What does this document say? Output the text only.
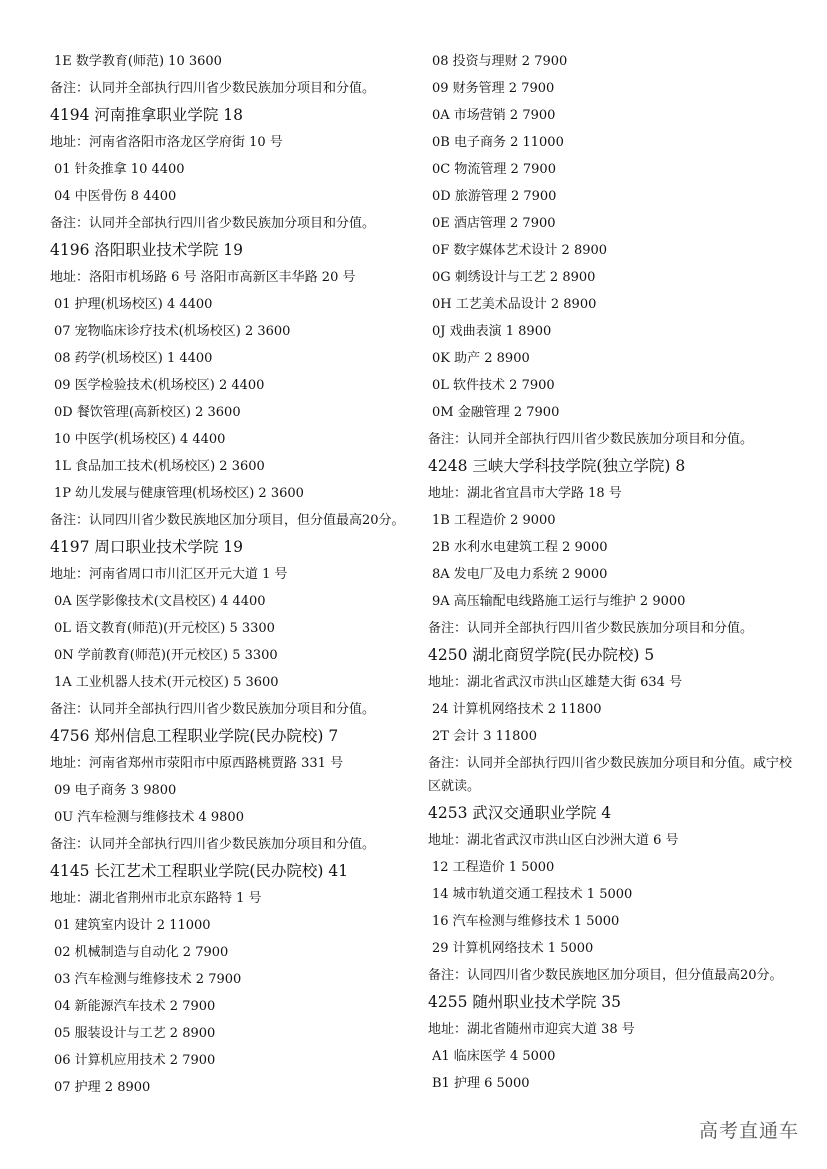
1E 数学教育(师范) 10 3600
备注：认同并全部执行四川省少数民族加分项目和分值。
4194 河南推拿职业学院 18
地址：河南省洛阳市洛龙区学府街 10 号
01 针灸推拿 10 4400
04 中医骨伤 8 4400
备注：认同并全部执行四川省少数民族加分项目和分值。
4196 洛阳职业技术学院 19
地址：洛阳市机场路 6 号 洛阳市高新区丰华路 20 号
01 护理(机场校区) 4 4400
07 宠物临床诊疗技术(机场校区) 2 3600
08 药学(机场校区) 1 4400
09 医学检验技术(机场校区) 2 4400
0D 餐饮管理(高新校区) 2 3600
10 中医学(机场校区) 4 4400
1L 食品加工技术(机场校区) 2 3600
1P 幼儿发展与健康管理(机场校区) 2 3600
备注：认同四川省少数民族地区加分项目，但分值最高20分。
4197 周口职业技术学院 19
地址：河南省周口市川汇区开元大道 1 号
0A 医学影像技术(文昌校区) 4 4400
0L 语文教育(师范)(开元校区) 5 3300
0N 学前教育(师范)(开元校区) 5 3300
1A 工业机器人技术(开元校区) 5 3600
备注：认同并全部执行四川省少数民族加分项目和分值。
4756 郑州信息工程职业学院(民办院校) 7
地址：河南省郑州市荥阳市中原西路桃贾路 331 号
09 电子商务 3 9800
0U 汽车检测与维修技术 4 9800
备注：认同并全部执行四川省少数民族加分项目和分值。
4145 长江艺术工程职业学院(民办院校) 41
地址：湖北省荆州市北京东路特 1 号
01 建筑室内设计 2 11000
02 机械制造与自动化 2 7900
03 汽车检测与维修技术 2 7900
04 新能源汽车技术 2 7900
05 服装设计与工艺 2 8900
06 计算机应用技术 2 7900
07 护理 2 8900
08 投资与理财 2 7900
09 财务管理 2 7900
0A 市场营销 2 7900
0B 电子商务 2 11000
0C 物流管理 2 7900
0D 旅游管理 2 7900
0E 酒店管理 2 7900
0F 数字媒体艺术设计 2 8900
0G 刺绣设计与工艺 2 8900
0H 工艺美术品设计 2 8900
0J 戏曲表演 1 8900
0K 助产 2 8900
0L 软件技术 2 7900
0M 金融管理 2 7900
备注：认同并全部执行四川省少数民族加分项目和分值。
4248 三峡大学科技学院(独立学院) 8
地址：湖北省宜昌市大学路 18 号
1B 工程造价 2 9000
2B 水利水电建筑工程 2 9000
8A 发电厂及电力系统 2 9000
9A 高压输配电线路施工运行与维护 2 9000
备注：认同并全部执行四川省少数民族加分项目和分值。
4250 湖北商贸学院(民办院校) 5
地址：湖北省武汉市洪山区雄楚大街 634 号
24 计算机网络技术 2 11800
2T 会计 3 11800
备注：认同并全部执行四川省少数民族加分项目和分值。咸宁校区就读。
4253 武汉交通职业学院 4
地址：湖北省武汉市洪山区白沙洲大道 6 号
12 工程造价 1 5000
14 城市轨道交通工程技术 1 5000
16 汽车检测与维修技术 1 5000
29 计算机网络技术 1 5000
备注：认同四川省少数民族地区加分项目，但分值最高20分。
4255 随州职业技术学院 35
地址：湖北省随州市迎宾大道 38 号
A1 临床医学 4 5000
B1 护理 6 5000
高考直通车
